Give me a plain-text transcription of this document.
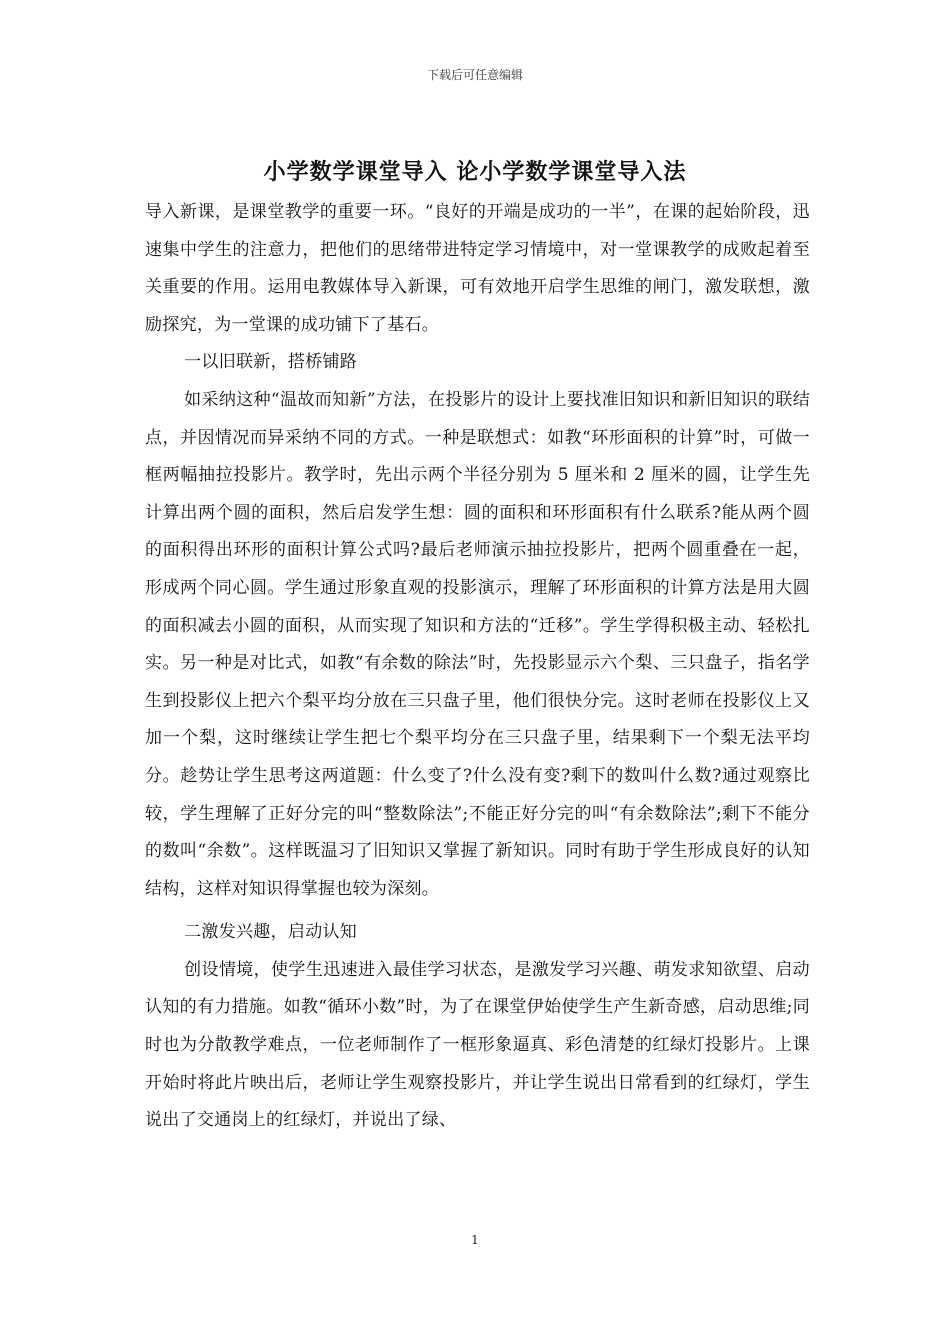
下载后可任意编辑
小学数学课堂导入 论小学数学课堂导入法

导入新课，是课堂教学的重要一环。“良好的开端是成功的一半”，在课的起始阶段，迅速集中学生的注意力，把他们的思绪带进特定学习情境中，对一堂课教学的成败起着至关重要的作用。运用电教媒体导入新课，可有效地开启学生思维的闸门，激发联想，激励探究，为一堂课的成功铺下了基石。

一以旧联新，搭桥铺路

如采纳这种“温故而知新”方法，在投影片的设计上要找准旧知识和新旧知识的联结点，并因情况而异采纳不同的方式。一种是联想式：如教“环形面积的计算”时，可做一框两幅抽拉投影片。教学时，先出示两个半径分别为 5 厘米和 2 厘米的圆，让学生先计算出两个圆的面积，然后启发学生想：圆的面积和环形面积有什么联系?能从两个圆的面积得出环形的面积计算公式吗?最后老师演示抽拉投影片，把两个圆重叠在一起，形成两个同心圆。学生通过形象直观的投影演示，理解了环形面积的计算方法是用大圆的面积减去小圆的面积，从而实现了知识和方法的“迁移”。学生学得积极主动、轻松扎实。另一种是对比式，如教“有余数的除法”时，先投影显示六个梨、三只盘子，指名学生到投影仪上把六个梨平均分放在三只盘子里，他们很快分完。这时老师在投影仪上又加一个梨，这时继续让学生把七个梨平均分在三只盘子里，结果剩下一个梨无法平均分。趁势让学生思考这两道题：什么变了?什么没有变?剩下的数叫什么数?通过观察比较，学生理解了正好分完的叫“整数除法”;不能正好分完的叫“有余数除法”;剩下不能分的数叫“余数”。这样既温习了旧知识又掌握了新知识。同时有助于学生形成良好的认知结构，这样对知识得掌握也较为深刻。

二激发兴趣，启动认知

创设情境，使学生迅速进入最佳学习状态，是激发学习兴趣、萌发求知欲望、启动认知的有力措施。如教“循环小数”时，为了在课堂伊始使学生产生新奇感，启动思维;同时也为分散教学难点，一位老师制作了一框形象逼真、彩色清楚的红绿灯投影片。上课开始时将此片映出后，老师让学生观察投影片，并让学生说出日常看到的红绿灯，学生说出了交通岗上的红绿灯，并说出了绿、

1
